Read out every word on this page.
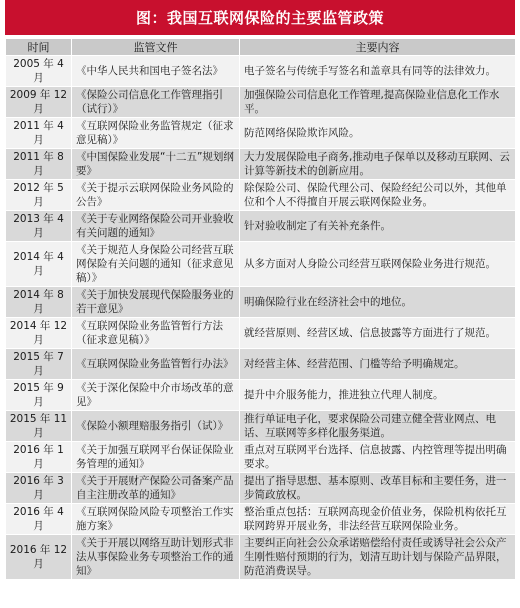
图：我国互联网保险的主要监管政策
时间	监管文件	主要内容
2005 年 4 月	《中华人民共和国电子签名法》	电子签名与传统手写签名和盖章具有同等的法律效力。
2009 年 12 月	《保险公司信息化工作管理指引（试行）》	加强保险公司信息化工作管理,提高保险业信息化工作水平。
2011 年 4 月	《互联网保险业务监管规定（征求意见稿）》	防范网络保险欺诈风险。
2011 年 8 月	《中国保险业发展“十二五”规划纲要》	大力发展保险电子商务,推动电子保单以及移动互联网、云计算等新技术的创新应用。
2012 年 5 月	《关于提示云联网保险业务风险的公告》	除保险公司、保险代理公司、保险经纪公司以外，其他单位和个人不得擅自开展云联网保险业务。
2013 年 4 月	《关于专业网络保险公司开业验收有关问题的通知》	针对验收制定了有关补充条件。
2014 年 4 月	《关于规范人身保险公司经营互联网保险有关问题的通知（征求意见稿）》	从多方面对人身险公司经营互联网保险业务进行规范。
2014 年 8 月	《关于加快发展现代保险服务业的若干意见》	明确保险行业在经济社会中的地位。
2014 年 12 月	《互联网保险业务监管暂行方法（征求意见稿）》	就经营原则、经营区域、信息披露等方面进行了规范。
2015 年 7 月	《互联网保险业务监管暂行办法》	对经营主体、经营范围、门槛等给予明确规定。
2015 年 9 月	《关于深化保险中介市场改革的意见》	提升中介服务能力，推进独立代理人制度。
2015 年 11 月	《保险小额理赔服务指引（试）》	推行单证电子化，要求保险公司建立健全营业网点、电话、互联网等多样化服务渠道。
2016 年 1 月	《关于加强互联网平台保证保险业务管理的通知》	重点对互联网平台选择、信息披露、内控管理等提出明确要求。
2016 年 3 月	《关于开展财产保险公司备案产品自主注册改革的通知》	提出了指导思想、基本原则、改革目标和主要任务，进一步简政放权。
2016 年 4 月	《互联网保险风险专项整治工作实施方案》	整治重点包括：互联网高现金价值业务，保险机构依托互联网跨界开展业务，非法经营互联网保险业务。
2016 年 12 月	《关于开展以网络互助计划形式非法从事保险业务专项整治工作的通知》	主要纠正向社会公众承诺赔偿给付责任或诱导社会公众产生刚性赔付预期的行为，划清互助计划与保险产品界限，防范消费误导。
